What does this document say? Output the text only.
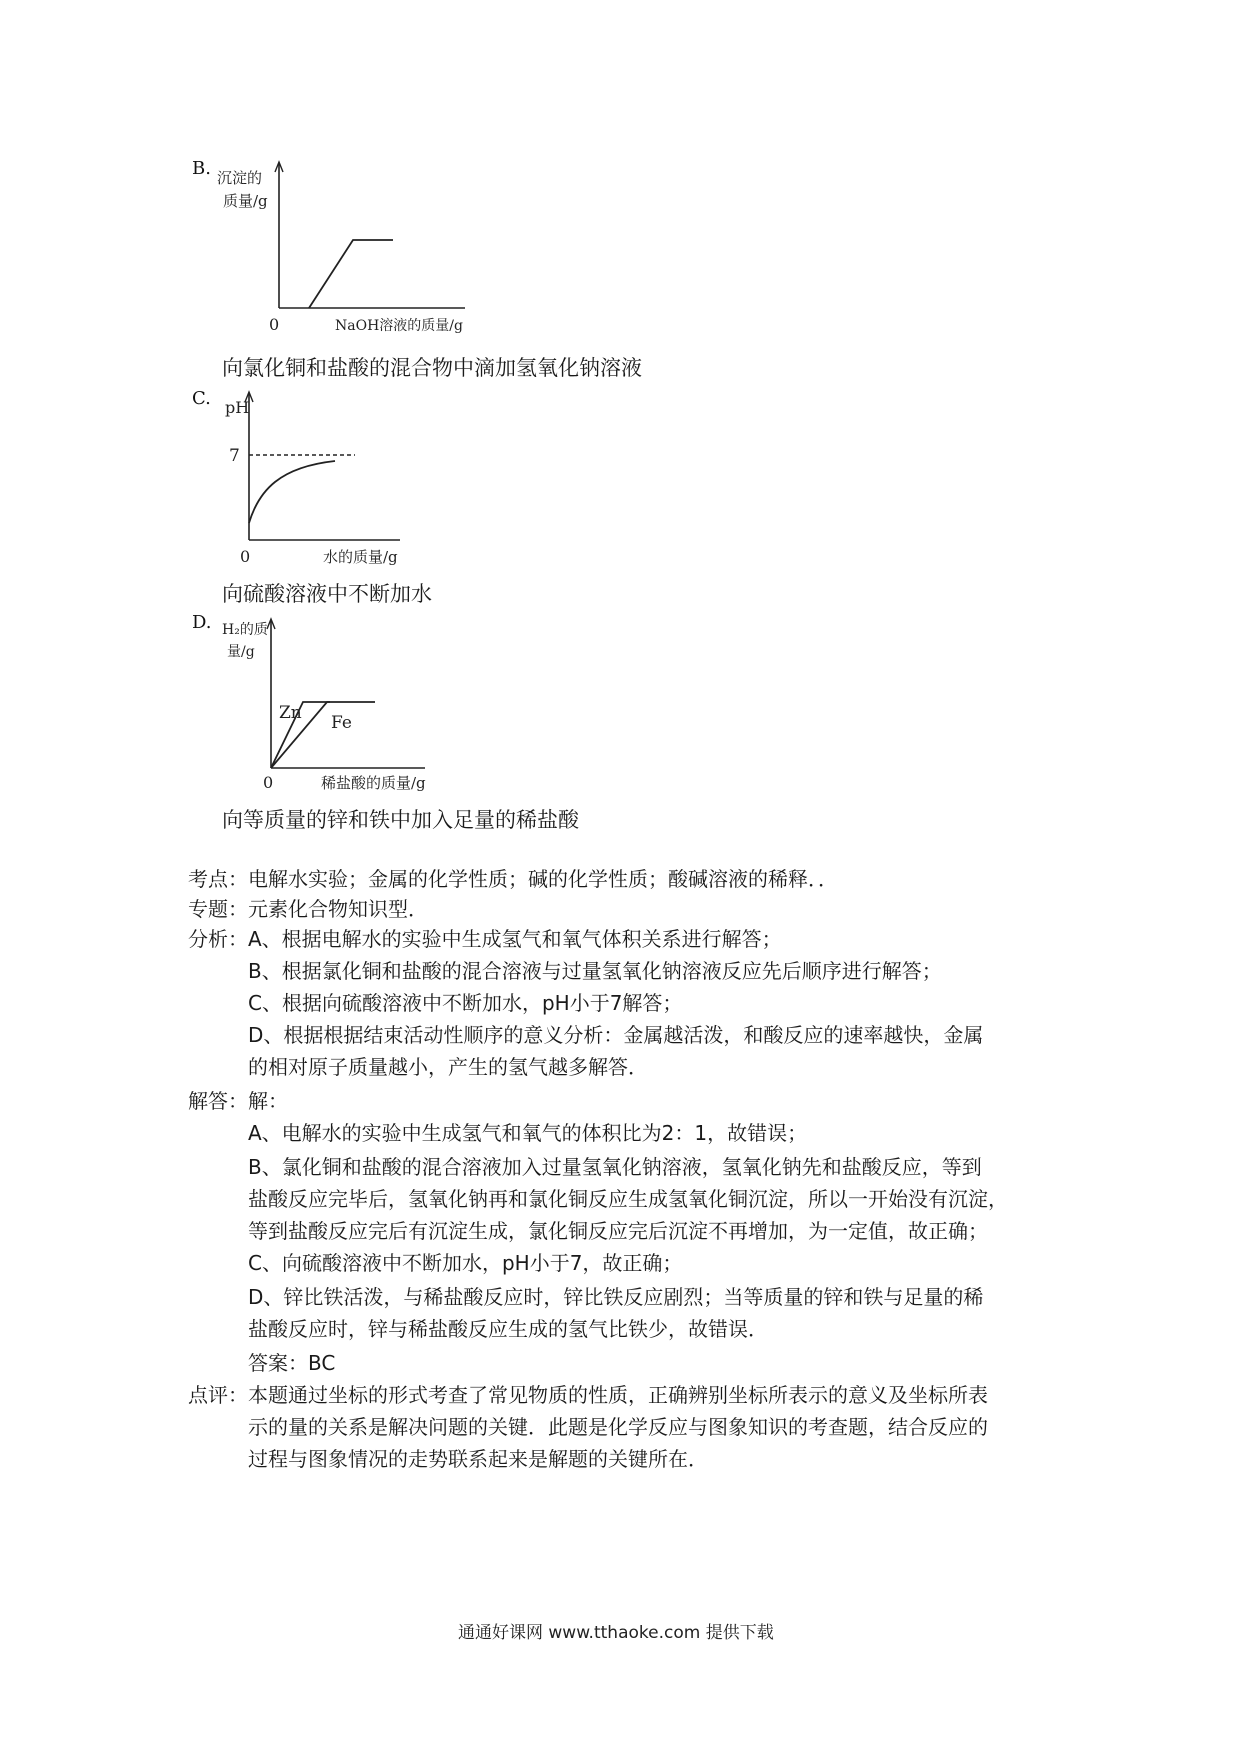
B. 沉淀的
质量/g
0	NaOH溶液的质量/g
向氯化铜和盐酸的混合物中滴加氢氧化钠溶液
C. pH
7
0	水的质量/g
向硫酸溶液中不断加水
D. H₂的质
量/g
Zn Fe
0	稀盐酸的质量/g
向等质量的锌和铁中加入足量的稀盐酸
考点：电解水实验；金属的化学性质；碱的化学性质；酸碱溶液的稀释．．
专题：元素化合物知识型．
分析：A、根据电解水的实验中生成氢气和氧气体积关系进行解答；
B、根据氯化铜和盐酸的混合溶液与过量氢氧化钠溶液反应先后顺序进行解答；
C、根据向硫酸溶液中不断加水，pH小于7解答；
D、根据根据结束活动性顺序的意义分析：金属越活泼，和酸反应的速率越快，金属
的相对原子质量越小，产生的氢气越多解答．
解答：解：
A、电解水的实验中生成氢气和氧气的体积比为2：1，故错误；
B、氯化铜和盐酸的混合溶液加入过量氢氧化钠溶液，氢氧化钠先和盐酸反应，等到
盐酸反应完毕后，氢氧化钠再和氯化铜反应生成氢氧化铜沉淀，所以一开始没有沉淀，
等到盐酸反应完后有沉淀生成，氯化铜反应完后沉淀不再增加，为一定值，故正确；
C、向硫酸溶液中不断加水，pH小于7，故正确；
D、锌比铁活泼，与稀盐酸反应时，锌比铁反应剧烈；当等质量的锌和铁与足量的稀
盐酸反应时，锌与稀盐酸反应生成的氢气比铁少，故错误．
答案：BC
点评：本题通过坐标的形式考查了常见物质的性质，正确辨别坐标所表示的意义及坐标所表
示的量的关系是解决问题的关键．此题是化学反应与图象知识的考查题，结合反应的
过程与图象情况的走势联系起来是解题的关键所在．
通通好课网 www.tthaoke.com 提供下载
